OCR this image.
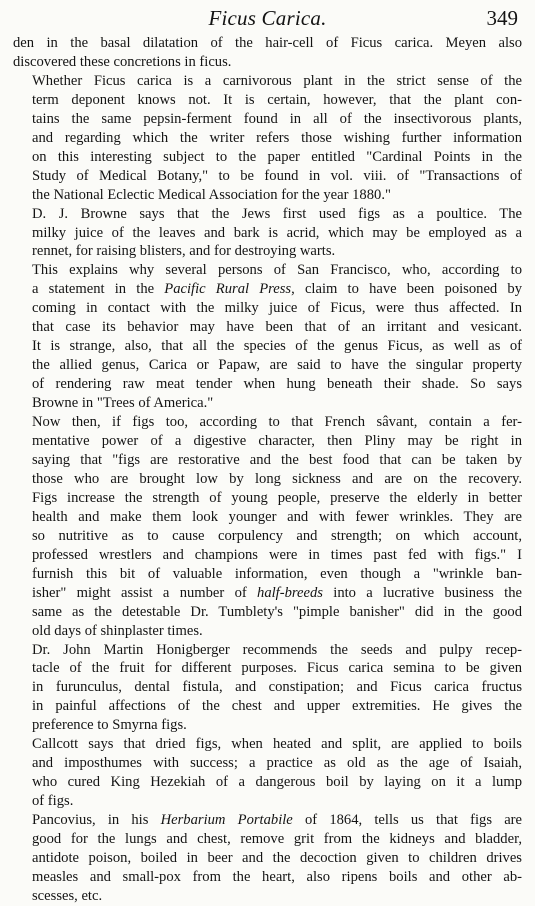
Ficus Carica.	349

den in the basal dilatation of the hair-cell of Ficus carica. Meyen also
discovered these concretions in ficus.

Whether Ficus carica is a carnivorous plant in the strict sense of the
term deponent knows not. It is certain, however, that the plant con-
tains the same pepsin-ferment found in all of the insectivorous plants,
and regarding which the writer refers those wishing further information
on this interesting subject to the paper entitled "Cardinal Points in the
Study of Medical Botany," to be found in vol. viii. of "Transactions of
the National Eclectic Medical Association for the year 1880."

D. J. Browne says that the Jews first used figs as a poultice. The
milky juice of the leaves and bark is acrid, which may be employed as a
rennet, for raising blisters, and for destroying warts.

This explains why several persons of San Francisco, who, according to
a statement in the Pacific Rural Press, claim to have been poisoned by
coming in contact with the milky juice of Ficus, were thus affected. In
that case its behavior may have been that of an irritant and vesicant.
It is strange, also, that all the species of the genus Ficus, as well as of
the allied genus, Carica or Papaw, are said to have the singular property
of rendering raw meat tender when hung beneath their shade. So says
Browne in "Trees of America."

Now then, if figs too, according to that French sâvant, contain a fer-
mentative power of a digestive character, then Pliny may be right in
saying that "figs are restorative and the best food that can be taken by
those who are brought low by long sickness and are on the recovery.
Figs increase the strength of young people, preserve the elderly in better
health and make them look younger and with fewer wrinkles. They are
so nutritive as to cause corpulency and strength; on which account,
professed wrestlers and champions were in times past fed with figs." I
furnish this bit of valuable information, even though a "wrinkle ban-
isher" might assist a number of half-breeds into a lucrative business the
same as the detestable Dr. Tumblety's "pimple banisher" did in the good
old days of shinplaster times.

Dr. John Martin Honigberger recommends the seeds and pulpy recep-
tacle of the fruit for different purposes. Ficus carica semina to be given
in furunculus, dental fistula, and constipation; and Ficus carica fructus
in painful affections of the chest and upper extremities. He gives the
preference to Smyrna figs.

Callcott says that dried figs, when heated and split, are applied to boils
and imposthumes with success; a practice as old as the age of Isaiah,
who cured King Hezekiah of a dangerous boil by laying on it a lump
of figs.

Pancovius, in his Herbarium Portabile of 1864, tells us that figs are
good for the lungs and chest, remove grit from the kidneys and bladder,
antidote poison, boiled in beer and the decoction given to children drives
measles and small-pox from the heart, also ripens boils and other ab-
scesses, etc.
